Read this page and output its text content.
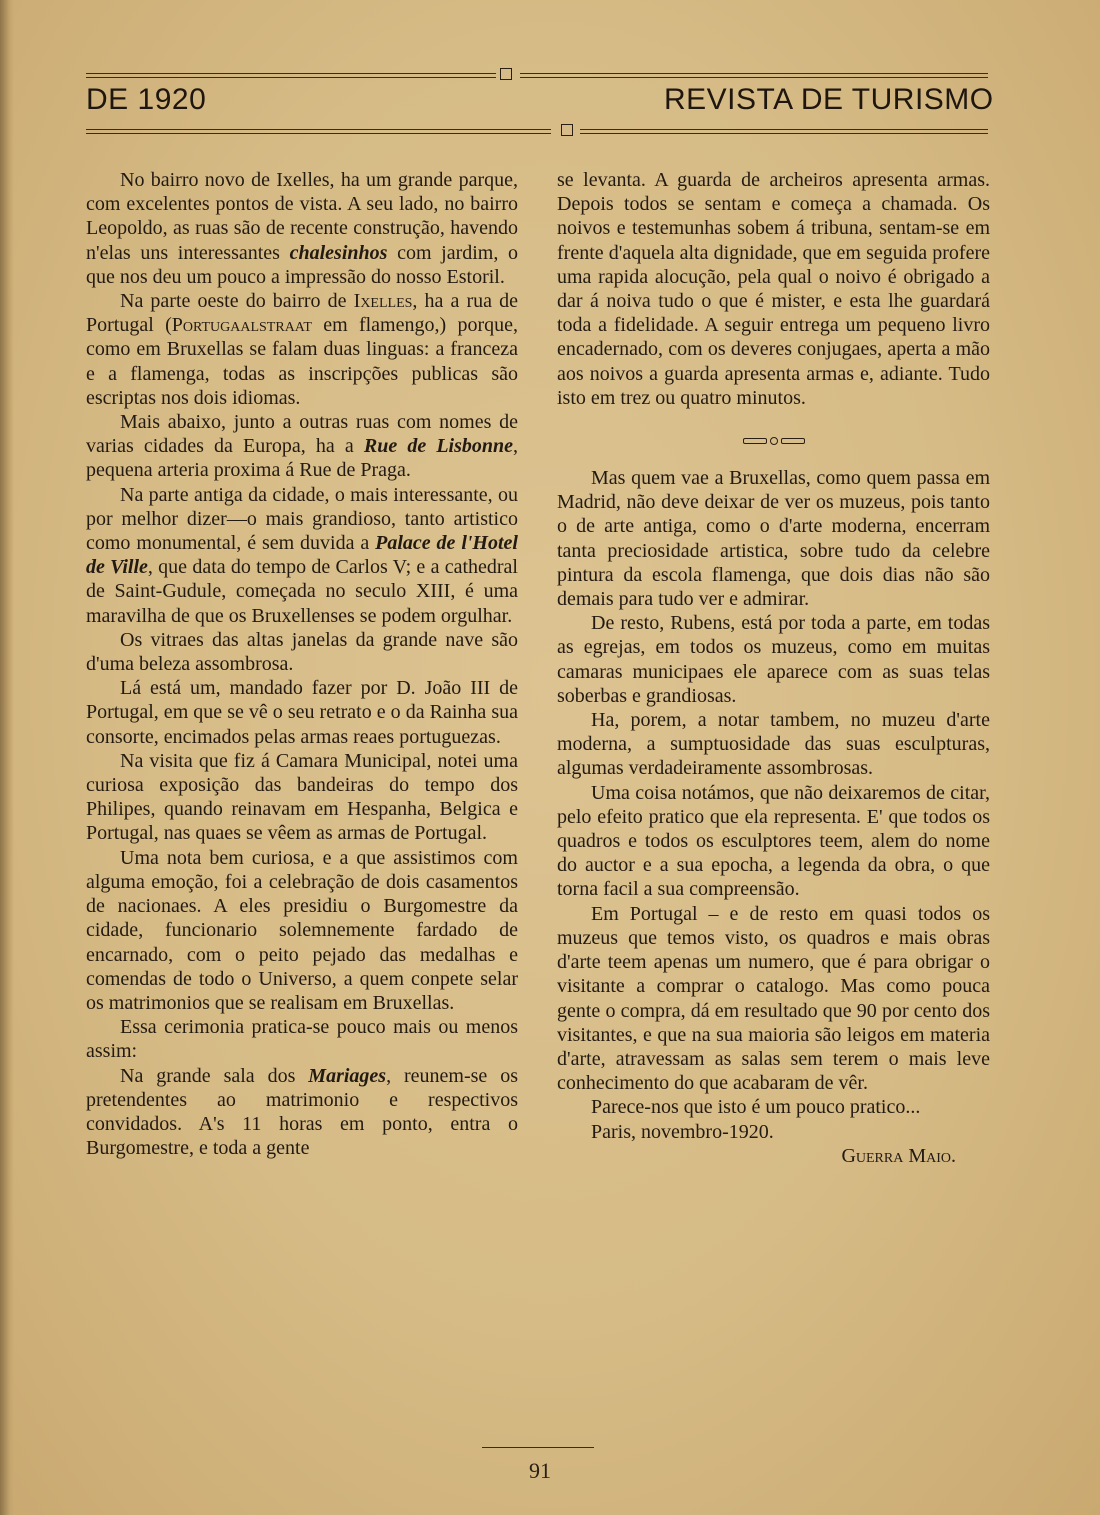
DE 1920	REVISTA DE TURISMO

No bairro novo de Ixelles, ha um grande parque, com excelentes pontos de vista. A seu lado, no bairro Leopoldo, as ruas são de recente construção, havendo n'elas uns interessantes chalesinhos com jardim, o que nos deu um pouco a impressão do nosso Estoril.

Na parte oeste do bairro de Ixelles, ha a rua de Portugal (Portugaalstraat em flamengo,) porque, como em Bruxellas se falam duas linguas: a franceza e a flamenga, todas as inscripções publicas são escriptas nos dois idiomas.

Mais abaixo, junto a outras ruas com nomes de varias cidades da Europa, ha a Rue de Lisbonne, pequena arteria proxima á Rue de Praga.

Na parte antiga da cidade, o mais interessante, ou por melhor dizer—o mais grandioso, tanto artistico como monumental, é sem duvida a Palace de l'Hotel de Ville, que data do tempo de Carlos V; e a cathedral de Saint-Gudule, começada no seculo XIII, é uma maravilha de que os Bruxellenses se podem orgulhar.

Os vitraes das altas janelas da grande nave são d'uma beleza assombrosa.

Lá está um, mandado fazer por D. João III de Portugal, em que se vê o seu retrato e o da Rainha sua consorte, encimados pelas armas reaes portuguezas.

Na visita que fiz á Camara Municipal, notei uma curiosa exposição das bandeiras do tempo dos Philipes, quando reinavam em Hespanha, Belgica e Portugal, nas quaes se vêem as armas de Portugal.

Uma nota bem curiosa, e a que assistimos com alguma emoção, foi a celebração de dois casamentos de nacionaes. A eles presidiu o Burgomestre da cidade, funcionario solemnemente fardado de encarnado, com o peito pejado das medalhas e comendas de todo o Universo, a quem conpete selar os matrimonios que se realisam em Bruxellas.

Essa cerimonia pratica-se pouco mais ou menos assim:

Na grande sala dos Mariages, reunem-se os pretendentes ao matrimonio e respectivos convidados. A's 11 horas em ponto, entra o Burgomestre, e toda a gente

se levanta. A guarda de archeiros apresenta armas. Depois todos se sentam e começa a chamada. Os noivos e testemunhas sobem á tribuna, sentam-se em frente d'aquela alta dignidade, que em seguida profere uma rapida alocução, pela qual o noivo é obrigado a dar á noiva tudo o que é mister, e esta lhe guardará toda a fidelidade. A seguir entrega um pequeno livro encadernado, com os deveres conjugaes, aperta a mão aos noivos a guarda apresenta armas e, adiante. Tudo isto em trez ou quatro minutos.

Mas quem vae a Bruxellas, como quem passa em Madrid, não deve deixar de ver os muzeus, pois tanto o de arte antiga, como o d'arte moderna, encerram tanta preciosidade artistica, sobre tudo da celebre pintura da escola flamenga, que dois dias não são demais para tudo ver e admirar.

De resto, Rubens, está por toda a parte, em todas as egrejas, em todos os muzeus, como em muitas camaras municipaes ele aparece com as suas telas soberbas e grandiosas.

Ha, porem, a notar tambem, no muzeu d'arte moderna, a sumptuosidade das suas esculpturas, algumas verdadeiramente assombrosas.

Uma coisa notámos, que não deixaremos de citar, pelo efeito pratico que ela representa. E' que todos os quadros e todos os esculptores teem, alem do nome do auctor e a sua epocha, a legenda da obra, o que torna facil a sua compreensão.

Em Portugal – e de resto em quasi todos os muzeus que temos visto, os quadros e mais obras d'arte teem apenas um numero, que é para obrigar o visitante a comprar o catalogo. Mas como pouca gente o compra, dá em resultado que 90 por cento dos visitantes, e que na sua maioria são leigos em materia d'arte, atravessam as salas sem terem o mais leve conhecimento do que acabaram de vêr.

Parece-nos que isto é um pouco pratico...

Paris, novembro-1920.

Guerra Maio.

91
